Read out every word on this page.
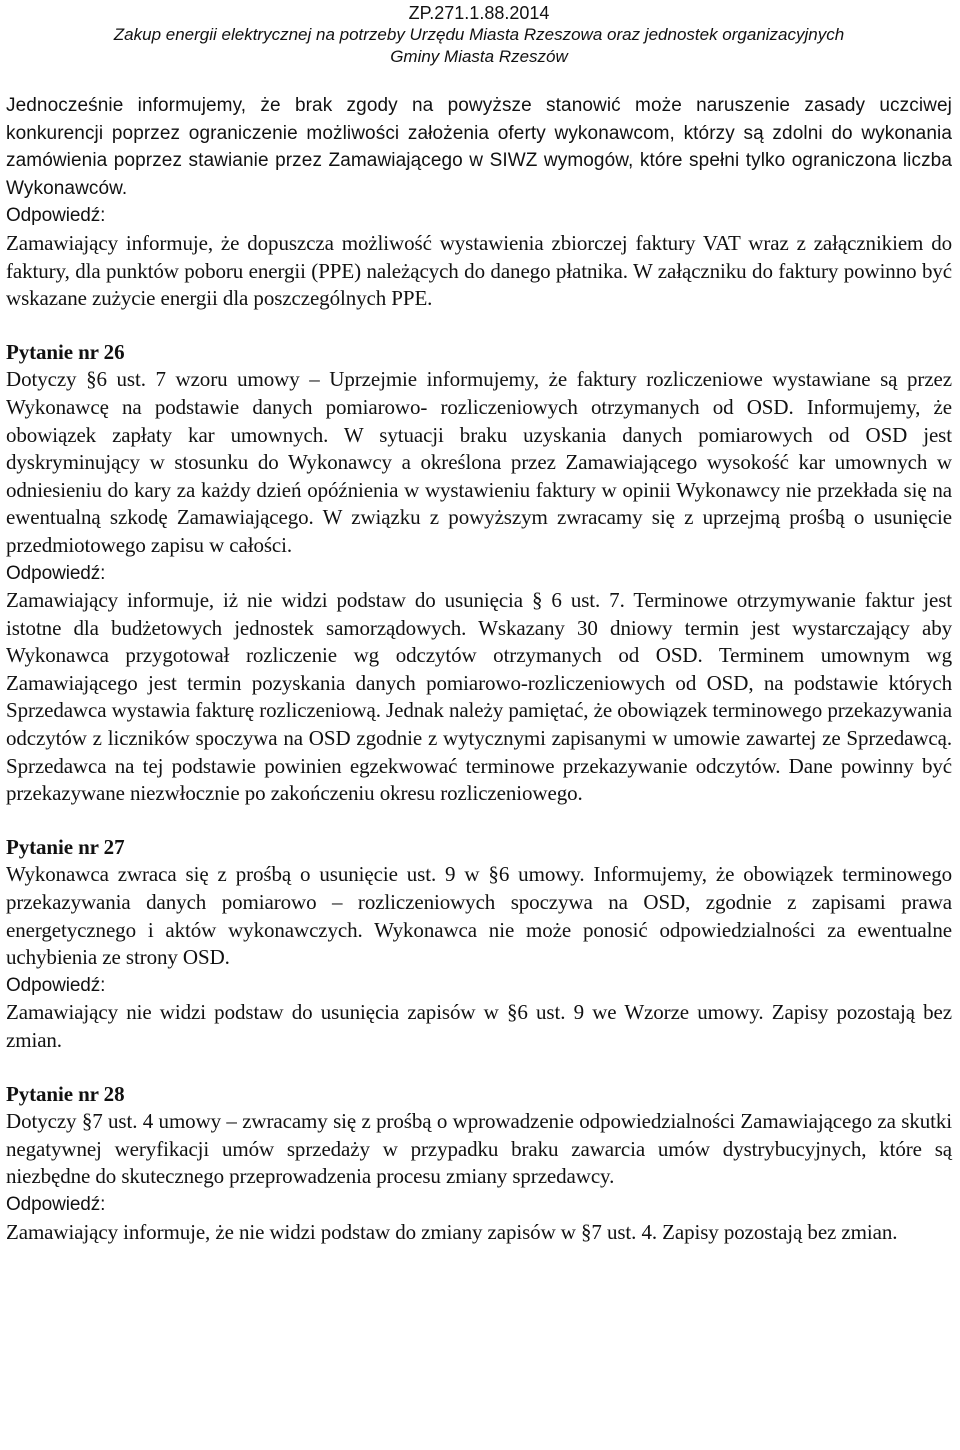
ZP.271.1.88.2014
Zakup energii elektrycznej na potrzeby Urzędu Miasta Rzeszowa oraz jednostek organizacyjnych
Gminy Miasta Rzeszów

Jednocześnie informujemy, że brak zgody na powyższe stanowić może naruszenie zasady uczciwej konkurencji poprzez ograniczenie możliwości założenia oferty wykonawcom, którzy są zdolni do wykonania zamówienia poprzez stawianie przez Zamawiającego w SIWZ wymogów, które spełni tylko ograniczona liczba Wykonawców.

Odpowiedź:

Zamawiający informuje, że dopuszcza możliwość wystawienia zbiorczej faktury VAT wraz z załącznikiem do faktury, dla punktów poboru energii (PPE) należących do danego płatnika. W załączniku do faktury powinno być wskazane zużycie energii dla poszczególnych PPE.

Pytanie nr 26

Dotyczy §6 ust. 7 wzoru umowy – Uprzejmie informujemy, że faktury rozliczeniowe wystawiane są przez Wykonawcę na podstawie danych pomiarowo- rozliczeniowych otrzymanych od OSD. Informujemy, że obowiązek zapłaty kar umownych. W sytuacji braku uzyskania danych pomiarowych od OSD jest dyskryminujący w stosunku do Wykonawcy a określona przez Zamawiającego wysokość kar umownych w odniesieniu do kary za każdy dzień opóźnienia w wystawieniu faktury w opinii Wykonawcy nie przekłada się na ewentualną szkodę Zamawiającego. W związku z powyższym zwracamy się z uprzejmą prośbą o usunięcie przedmiotowego zapisu w całości.

Odpowiedź:

Zamawiający informuje, iż nie widzi podstaw do usunięcia § 6 ust. 7. Terminowe otrzymywanie faktur jest istotne dla budżetowych jednostek samorządowych. Wskazany 30 dniowy termin jest wystarczający aby Wykonawca przygotował rozliczenie wg odczytów otrzymanych od OSD. Terminem umownym wg Zamawiającego jest termin pozyskania danych pomiarowo-rozliczeniowych od OSD, na podstawie których Sprzedawca wystawia fakturę rozliczeniową. Jednak należy pamiętać, że obowiązek terminowego przekazywania odczytów z liczników spoczywa na OSD zgodnie z wytycznymi zapisanymi w umowie zawartej ze Sprzedawcą. Sprzedawca na tej podstawie powinien egzekwować terminowe przekazywanie odczytów. Dane powinny być przekazywane niezwłocznie po zakończeniu okresu rozliczeniowego.

Pytanie nr 27

Wykonawca zwraca się z prośbą o usunięcie ust. 9 w §6 umowy. Informujemy, że obowiązek terminowego przekazywania danych pomiarowo – rozliczeniowych spoczywa na OSD, zgodnie z zapisami prawa energetycznego i aktów wykonawczych. Wykonawca nie może ponosić odpowiedzialności za ewentualne uchybienia ze strony OSD.

Odpowiedź:

Zamawiający nie widzi podstaw do usunięcia zapisów w §6 ust. 9 we Wzorze umowy. Zapisy pozostają bez zmian.

Pytanie nr 28

Dotyczy §7 ust. 4 umowy – zwracamy się z prośbą o wprowadzenie odpowiedzialności Zamawiającego za skutki negatywnej weryfikacji umów sprzedaży w przypadku braku zawarcia umów dystrybucyjnych, które są niezbędne do skutecznego przeprowadzenia procesu zmiany sprzedawcy.

Odpowiedź:

Zamawiający informuje, że nie widzi podstaw do zmiany zapisów w §7 ust. 4. Zapisy pozostają bez zmian.
